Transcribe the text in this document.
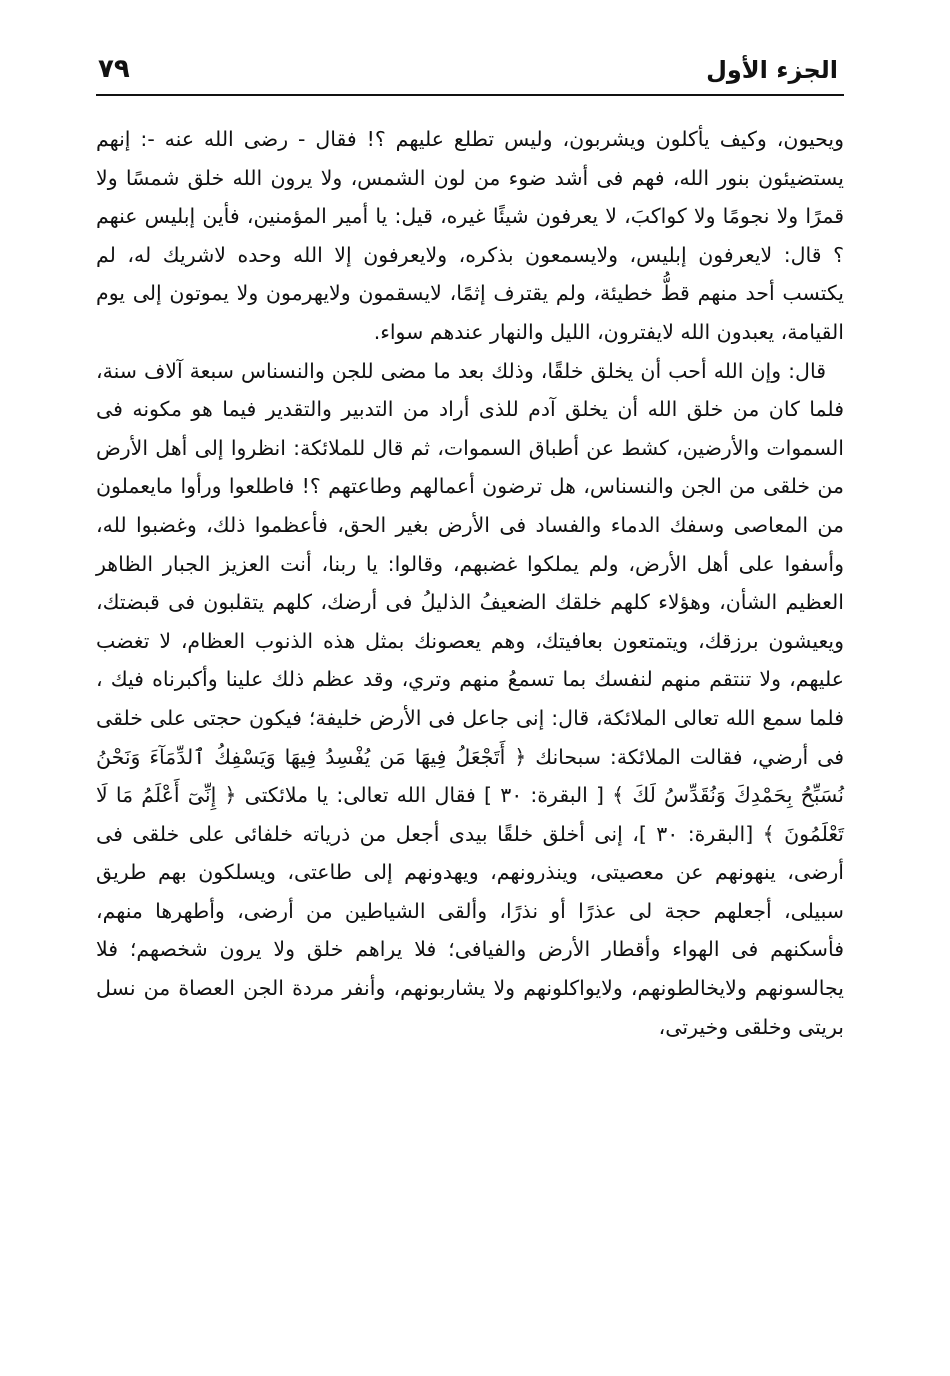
الجزء الأول
٧٩

ويحيون، وكيف يأكلون ويشربون، وليس تطلع عليهم ؟! فقال - رضى الله عنه -: إنهم يستضيئون بنور الله، فهم فى أشد ضوء من لون الشمس، ولا يرون الله خلق شمسًا ولا قمرًا ولا نجومًا ولا كواكبَ، لا يعرفون شيئًا غيره، قيل: يا أمير المؤمنين، فأين إبليس عنهم ؟ قال: لايعرفون إبليس، ولايسمعون بذكره، ولايعرفون إلا الله وحده لاشريك له، لم يكتسب أحد منهم قطُّ خطيئة، ولم يقترف إثمًا، لايسقمون ولايهرمون ولا يموتون إلى يوم القيامة، يعبدون الله لايفترون، الليل والنهار عندهم سواء.

قال: وإن الله أحب أن يخلق خلقًا، وذلك بعد ما مضى للجن والنسناس سبعة آلاف سنة، فلما كان من خلق الله أن يخلق آدم للذى أراد من التدبير والتقدير فيما هو مكونه فى السموات والأرضين، كشط عن أطباق السموات، ثم قال للملائكة: انظروا إلى أهل الأرض من خلقى من الجن والنسناس، هل ترضون أعمالهم وطاعتهم ؟! فاطلعوا ورأوا مايعملون من المعاصى وسفك الدماء والفساد فى الأرض بغير الحق، فأعظموا ذلك، وغضبوا لله، وأسفوا على أهل الأرض، ولم يملكوا غضبهم، وقالوا: يا ربنا، أنت العزيز الجبار الظاهر العظيم الشأن، وهؤلاء كلهم خلقك الضعيفُ الذليلُ فى أرضك، كلهم يتقلبون فى قبضتك، ويعيشون برزقك، ويتمتعون بعافيتك، وهم يعصونك بمثل هذه الذنوب العظام، لا تغضب عليهم، ولا تنتقم منهم لنفسك بما تسمعُ منهم وتري، وقد عظم ذلك علينا وأكبرناه فيك ، فلما سمع الله تعالى الملائكة، قال: إنى جاعل فى الأرض خليفة؛ فيكون حجتى على خلقى فى أرضي، فقالت الملائكة: سبحانك ﴿ أَتَجْعَلُ فِيهَا مَن يُفْسِدُ فِيهَا وَيَسْفِكُ ٱلدِّمَآءَ وَنَحْنُ نُسَبِّحُ بِحَمْدِكَ وَنُقَدِّسُ لَكَ ﴾ [ البقرة: ٣٠ ] فقال الله تعالى: يا ملائكتى ﴿ إِنِّىٓ أَعْلَمُ مَا لَا تَعْلَمُونَ ﴾ [البقرة: ٣٠ ]، إنى أخلق خلقًا بيدى أجعل من ذرياته خلفائى على خلقى فى أرضى، ينهونهم عن معصيتى، وينذرونهم، ويهدونهم إلى طاعتى، ويسلكون بهم طريق سبيلى، أجعلهم حجة لى عذرًا أو نذرًا، وألقى الشياطين من أرضى، وأطهرها منهم، فأسكنهم فى الهواء وأقطار الأرض والفيافى؛ فلا يراهم خلق ولا يرون شخصهم؛ فلا يجالسونهم ولايخالطونهم، ولايواكلونهم ولا يشاربونهم، وأنفر مردة الجن العصاة من نسل بريتى وخلقى وخيرتى،
